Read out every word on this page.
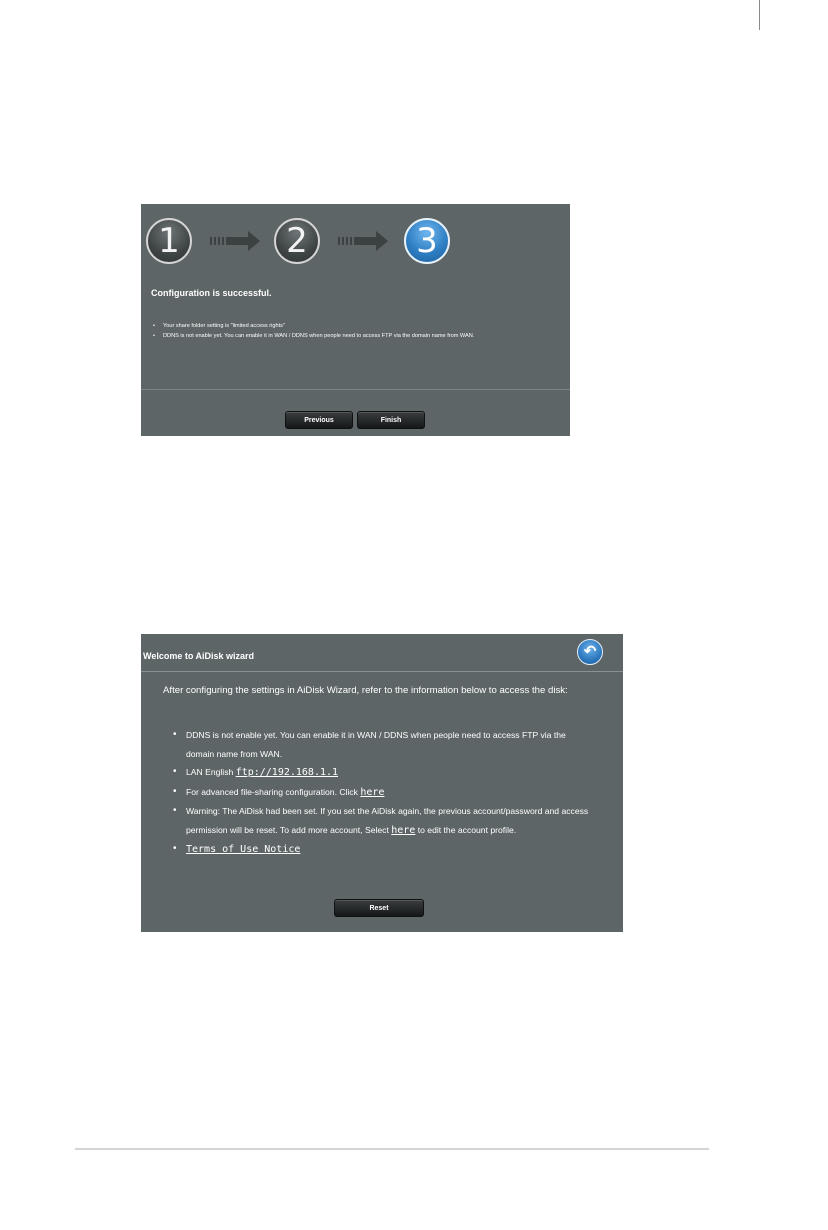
1	2	3
Configuration is successful.
• Your share folder setting is "limited access rights"
• DDNS is not enable yet. You can enable it in WAN / DDNS when people need to access FTP via the domain name from WAN.
Previous	Finish
Welcome to AiDisk wizard	↶
After configuring the settings in AiDisk Wizard, refer to the information below to access the disk:
• DDNS is not enable yet. You can enable it in WAN / DDNS when people need to access FTP via the domain name from WAN.
• LAN English ftp://192.168.1.1
• For advanced file-sharing configuration. Click here
• Warning: The AiDisk had been set. If you set the AiDisk again, the previous account/password and access permission will be reset. To add more account, Select here to edit the account profile.
• Terms of Use Notice
Reset
